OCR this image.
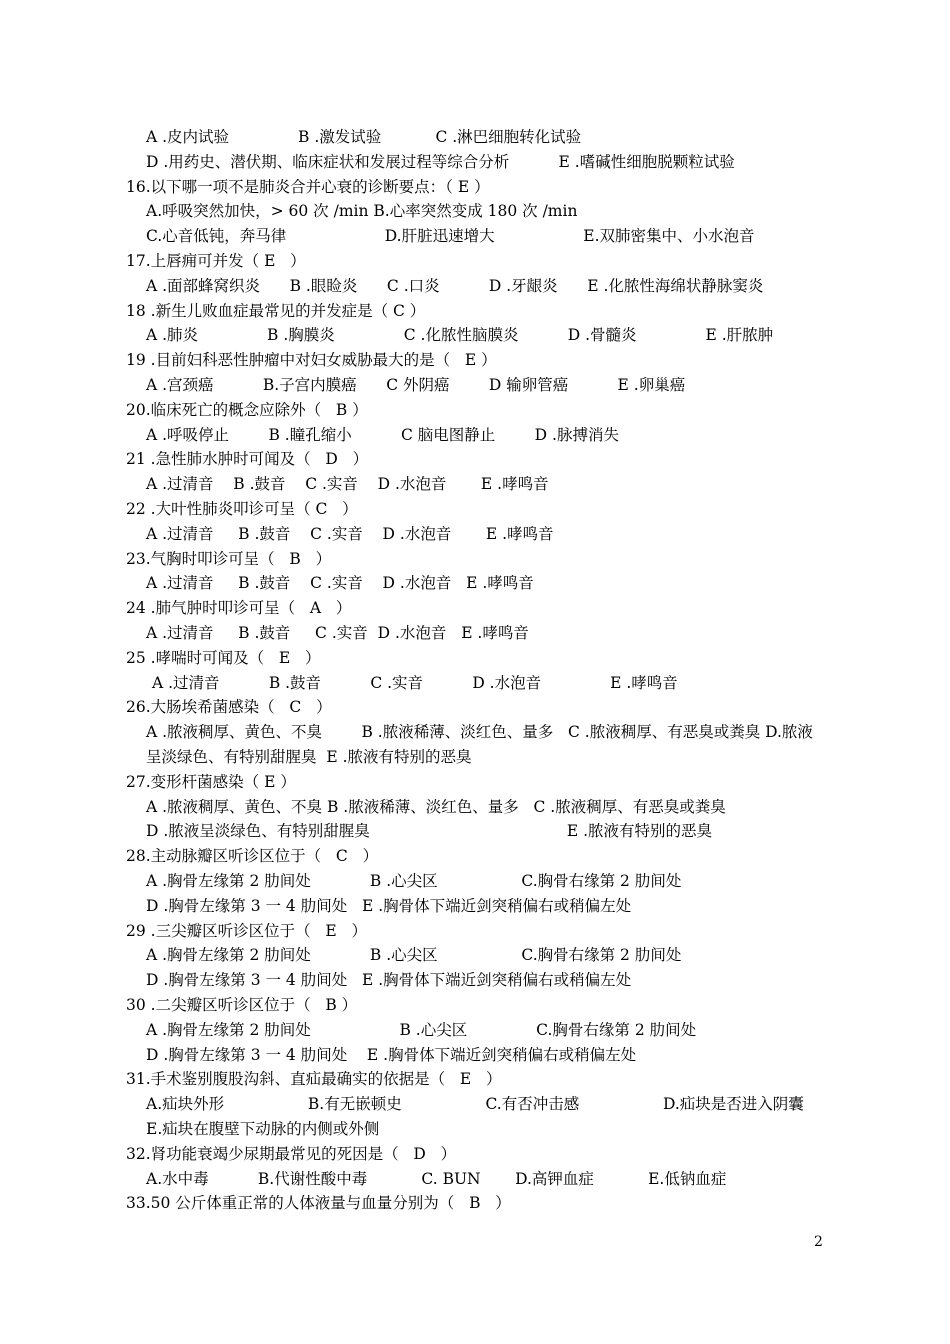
A .皮内试验              B .激发试验           C .淋巴细胞转化试验
D .用药史、潜伏期、临床症状和发展过程等综合分析          E .嗜碱性细胞脱颗粒试验
16.以下哪一项不是肺炎合并心衰的诊断要点：（ E ）
A.呼吸突然加快，> 60 次 /min B.心率突然变成 180 次 /min
C.心音低钝，奔马律                    D.肝脏迅速增大                  E.双肺密集中、小水泡音
17.上唇痈可并发（ E   ）
A .面部蜂窝织炎      B .眼睑炎      C .口炎          D .牙龈炎      E .化脓性海绵状静脉窦炎
18 .新生儿败血症最常见的并发症是（ C ）
A .肺炎              B .胸膜炎              C .化脓性脑膜炎          D .骨髓炎              E .肝脓肿
19 .目前妇科恶性肿瘤中对妇女威胁最大的是（   E ）
A .宫颈癌          B.子宫内膜癌      C 外阴癌        D 输卵管癌          E .卵巢癌
20.临床死亡的概念应除外（   B ）
A .呼吸停止        B .瞳孔缩小          C 脑电图静止        D .脉搏消失
21 .急性肺水肿时可闻及（   D   ）
A .过清音    B .鼓音    C .实音    D .水泡音       E .哮鸣音
22 .大叶性肺炎叩诊可呈（ C   ）
A .过清音     B .鼓音    C .实音    D .水泡音       E .哮鸣音
23.气胸时叩诊可呈（   B   ）
A .过清音     B .鼓音    C .实音    D .水泡音   E .哮鸣音
24 .肺气肿时叩诊可呈（   A   ）
A .过清音     B .鼓音     C .实音  D .水泡音   E .哮鸣音
25 .哮喘时可闻及（   E   ）
A .过清音          B .鼓音          C .实音          D .水泡音              E .哮鸣音
26.大肠埃希菌感染（   C   ）
A .脓液稠厚、黄色、不臭        B .脓液稀薄、淡红色、量多   C .脓液稠厚、有恶臭或粪臭 D.脓液
呈淡绿色、有特别甜腥臭  E .脓液有特别的恶臭
27.变形杆菌感染（ E ）
A .脓液稠厚、黄色、不臭 B .脓液稀薄、淡红色、量多   C .脓液稠厚、有恶臭或粪臭
D .脓液呈淡绿色、有特别甜腥臭                                        E .脓液有特别的恶臭
28.主动脉瓣区听诊区位于（   C   ）
A .胸骨左缘第 2 肋间处            B .心尖区                 C.胸骨右缘第 2 肋间处
D .胸骨左缘第 3 一 4 肋间处   E .胸骨体下端近剑突稍偏右或稍偏左处
29 .三尖瓣区听诊区位于（   E   ）
A .胸骨左缘第 2 肋间处            B .心尖区                 C.胸骨右缘第 2 肋间处
D .胸骨左缘第 3 一 4 肋间处   E .胸骨体下端近剑突稍偏右或稍偏左处
30 .二尖瓣区听诊区位于（   B ）
A .胸骨左缘第 2 肋间处                  B .心尖区              C.胸骨右缘第 2 肋间处
D .胸骨左缘第 3 一 4 肋间处    E .胸骨体下端近剑突稍偏右或稍偏左处
31.手术鉴别腹股沟斜、直疝最确实的依据是（   E   ）
A.疝块外形                 B.有无嵌顿史                 C.有否冲击感                 D.疝块是否进入阴囊
E.疝块在腹壁下动脉的内侧或外侧
32.肾功能衰竭少尿期最常见的死因是（   D   ）
A.水中毒          B.代谢性酸中毒           C. BUN       D.高钾血症           E.低钠血症
33.50 公斤体重正常的人体液量与血量分别为（   B   ）
2
